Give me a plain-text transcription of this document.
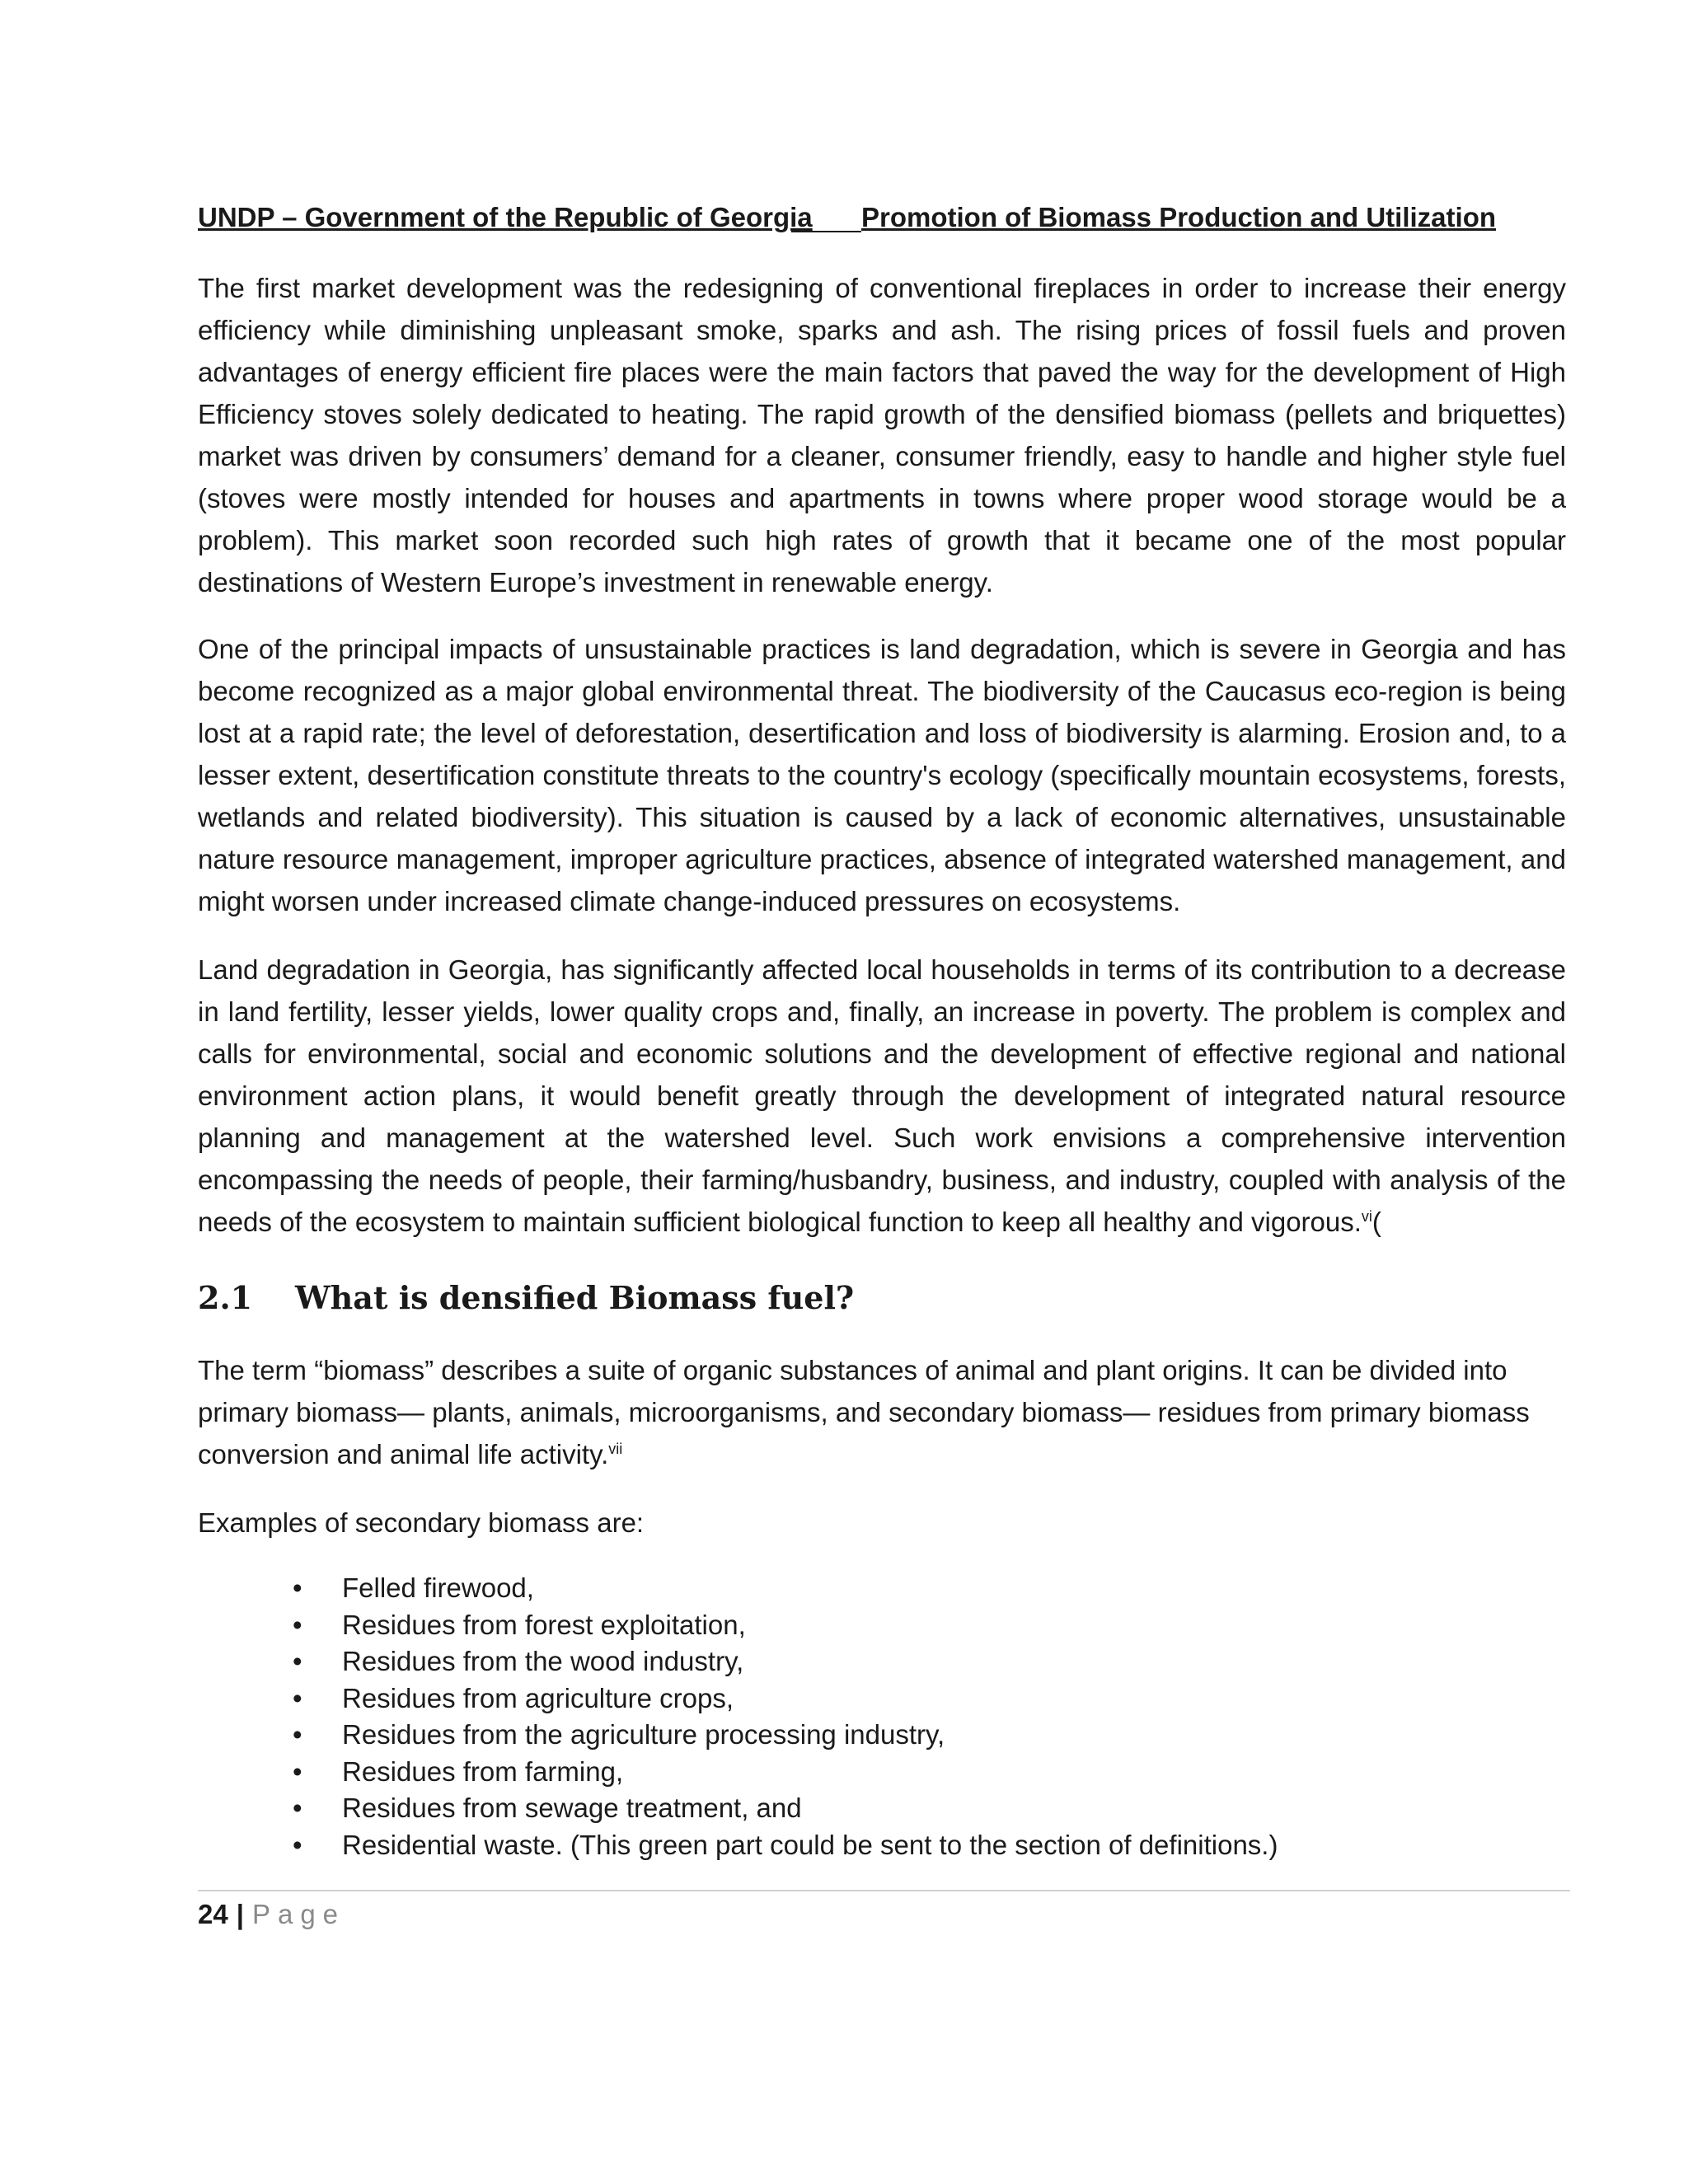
UNDP – Government of the Republic of Georgia Promotion of Biomass Production and Utilization

The first market development was the redesigning of conventional fireplaces in order to increase their energy efficiency while diminishing unpleasant smoke, sparks and ash. The rising prices of fossil fuels and proven advantages of energy efficient fire places were the main factors that paved the way for the development of High Efficiency stoves solely dedicated to heating. The rapid growth of the densified biomass (pellets and briquettes) market was driven by consumers’ demand for a cleaner, consumer friendly, easy to handle and higher style fuel (stoves were mostly intended for houses and apartments in towns where proper wood storage would be a problem). This market soon recorded such high rates of growth that it became one of the most popular destinations of Western Europe’s investment in renewable energy.

One of the principal impacts of unsustainable practices is land degradation, which is severe in Georgia and has become recognized as a major global environmental threat. The biodiversity of the Caucasus eco-region is being lost at a rapid rate; the level of deforestation, desertification and loss of biodiversity is alarming. Erosion and, to a lesser extent, desertification constitute threats to the country's ecology (specifically mountain ecosystems, forests, wetlands and related biodiversity). This situation is caused by a lack of economic alternatives, unsustainable nature resource management, improper agriculture practices, absence of integrated watershed management, and might worsen under increased climate change-induced pressures on ecosystems.

Land degradation in Georgia, has significantly affected local households in terms of its contribution to a decrease in land fertility, lesser yields, lower quality crops and, finally, an increase in poverty. The problem is complex and calls for environmental, social and economic solutions and the development of effective regional and national environment action plans, it would benefit greatly through the development of integrated natural resource planning and management at the watershed level. Such work envisions a comprehensive intervention encompassing the needs of people, their farming/husbandry, business, and industry, coupled with analysis of the needs of the ecosystem to maintain sufficient biological function to keep all healthy and vigorous.$^{vi}$(

2.1 What is densified Biomass fuel?

The term “biomass” describes a suite of organic substances of animal and plant origins. It can be divided into primary biomass— plants, animals, microorganisms, and secondary biomass— residues from primary biomass conversion and animal life activity.$^{vii}$

Examples of secondary biomass are:

• Felled firewood,
• Residues from forest exploitation,
• Residues from the wood industry,
• Residues from agriculture crops,
• Residues from the agriculture processing industry,
• Residues from farming,
• Residues from sewage treatment, and
• Residential waste. (This green part could be sent to the section of definitions.)
24 | Page
